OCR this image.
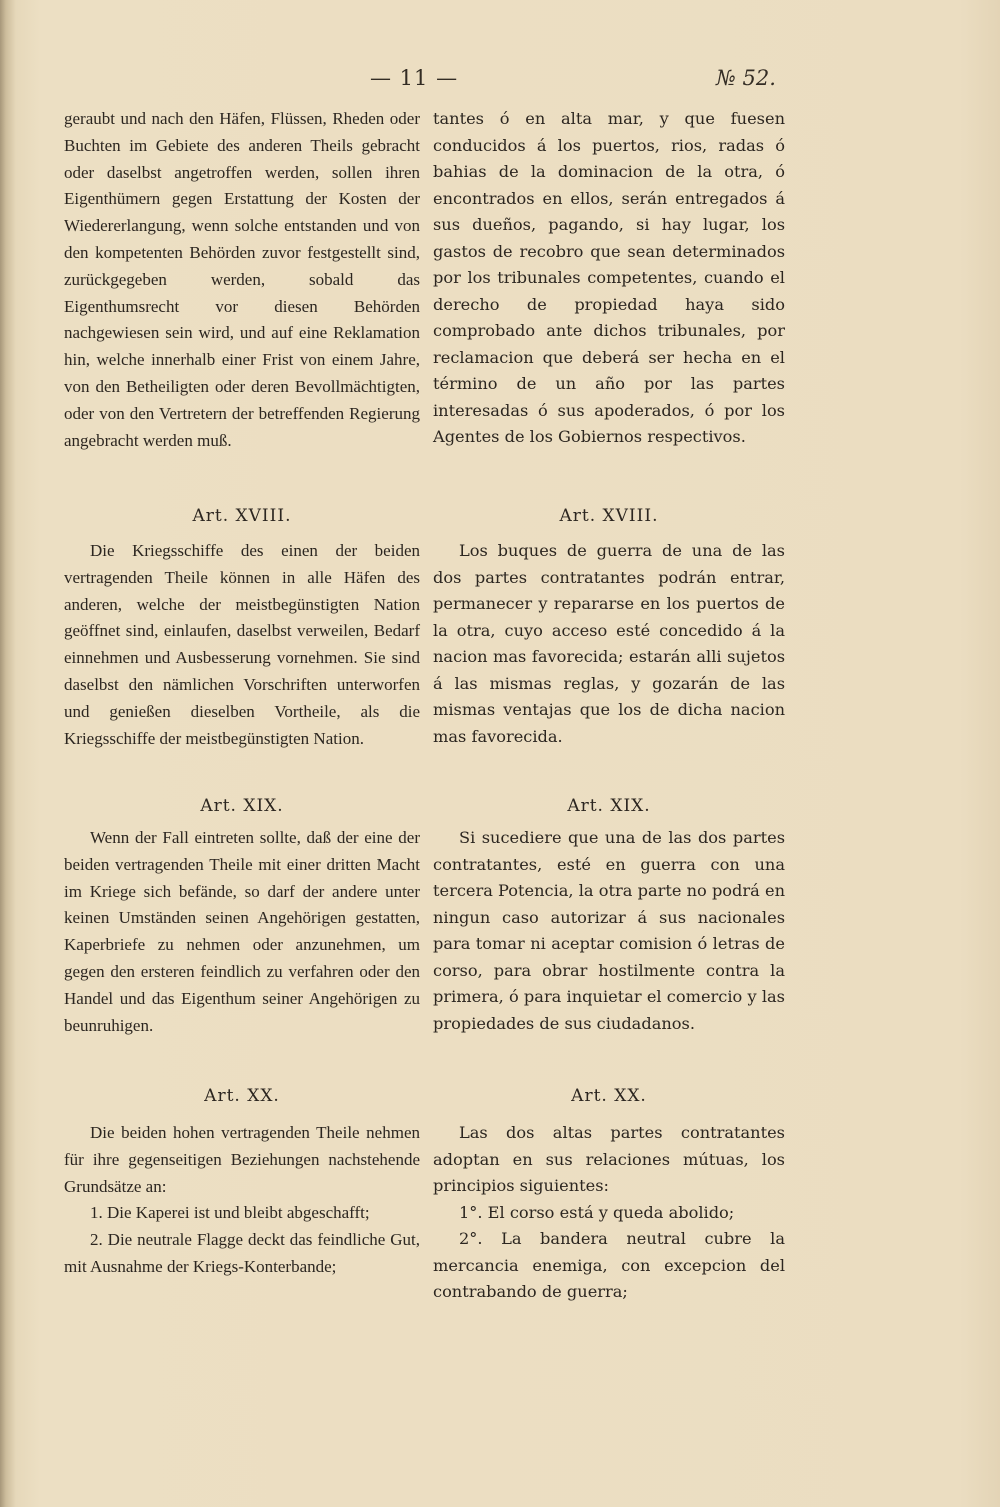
— 11 —	№ 52.

geraubt und nach den Häfen, Flüssen, Rheden oder Buchten im Gebiete des anderen Theils gebracht oder daselbst angetroffen werden, sollen ihren Eigenthümern gegen Erstattung der Kosten der Wiedererlangung, wenn solche entstanden und von den kompetenten Behörden zuvor festgestellt sind, zurückgegeben werden, sobald das Eigenthumsrecht vor diesen Behörden nachgewiesen sein wird, und auf eine Reklamation hin, welche innerhalb einer Frist von einem Jahre, von den Betheiligten oder deren Bevollmächtigten, oder von den Vertretern der betreffenden Regierung angebracht werden muß.

Art. XVIII.

Die Kriegsschiffe des einen der beiden vertragenden Theile können in alle Häfen des anderen, welche der meistbegünstigten Nation geöffnet sind, einlaufen, daselbst verweilen, Bedarf einnehmen und Ausbesserung vornehmen. Sie sind daselbst den nämlichen Vorschriften unterworfen und genießen dieselben Vortheile, als die Kriegsschiffe der meistbegünstigten Nation.

Art. XIX.

Wenn der Fall eintreten sollte, daß der eine der beiden vertragenden Theile mit einer dritten Macht im Kriege sich befände, so darf der andere unter keinen Umständen seinen Angehörigen gestatten, Kaperbriefe zu nehmen oder anzunehmen, um gegen den ersteren feindlich zu verfahren oder den Handel und das Eigenthum seiner Angehörigen zu beunruhigen.

Art. XX.

Die beiden hohen vertragenden Theile nehmen für ihre gegenseitigen Beziehungen nachstehende Grundsätze an:

1. Die Kaperei ist und bleibt abgeschafft;

2. Die neutrale Flagge deckt das feindliche Gut, mit Ausnahme der Kriegs-Konterbande;

tantes ó en alta mar, y que fuesen conducidos á los puertos, rios, radas ó bahias de la dominacion de la otra, ó encontrados en ellos, serán entregados á sus dueños, pagando, si hay lugar, los gastos de recobro que sean determinados por los tribunales competentes, cuando el derecho de propiedad haya sido comprobado ante dichos tribunales, por reclamacion que deberá ser hecha en el término de un año por las partes interesadas ó sus apoderados, ó por los Agentes de los Gobiernos respectivos.

Art. XVIII.

Los buques de guerra de una de las dos partes contratantes podrán entrar, permanecer y repararse en los puertos de la otra, cuyo acceso esté concedido á la nacion mas favorecida; estarán alli sujetos á las mismas reglas, y gozarán de las mismas ventajas que los de dicha nacion mas favorecida.

Art. XIX.

Si sucediere que una de las dos partes contratantes, esté en guerra con una tercera Potencia, la otra parte no podrá en ningun caso autorizar á sus nacionales para tomar ni aceptar comision ó letras de corso, para obrar hostilmente contra la primera, ó para inquietar el comercio y las propiedades de sus ciudadanos.

Art. XX.

Las dos altas partes contratantes adoptan en sus relaciones mútuas, los principios siguientes:

1°. El corso está y queda abolido;

2°. La bandera neutral cubre la mercancia enemiga, con excepcion del contrabando de guerra;
